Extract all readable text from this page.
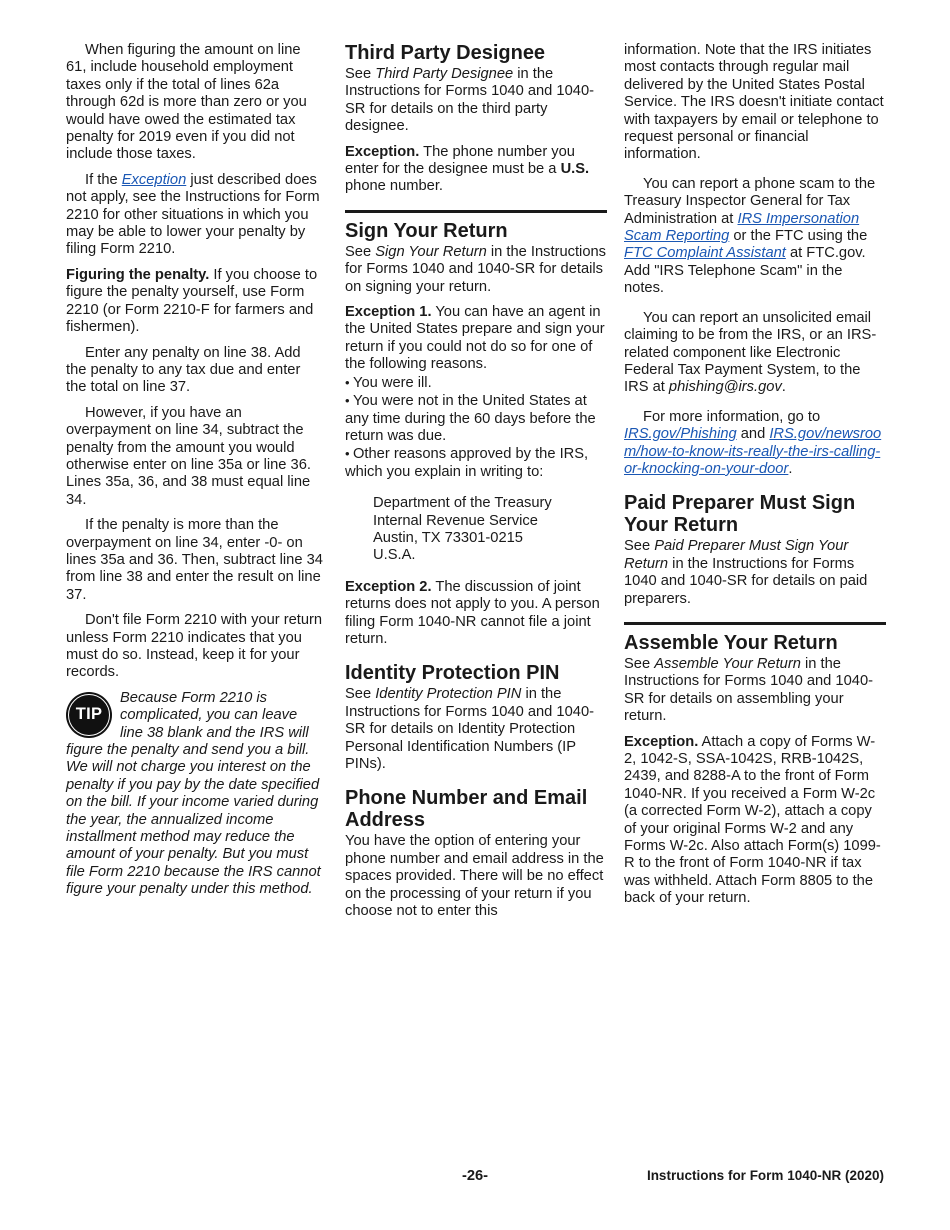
When figuring the amount on line 61, include household employment taxes only if the total of lines 62a through 62d is more than zero or you would have owed the estimated tax penalty for 2019 even if you did not include those taxes.

If the Exception just described does not apply, see the Instructions for Form 2210 for other situations in which you may be able to lower your penalty by filing Form 2210.

Figuring the penalty. If you choose to figure the penalty yourself, use Form 2210 (or Form 2210-F for farmers and fishermen).

Enter any penalty on line 38. Add the penalty to any tax due and enter the total on line 37.

However, if you have an overpayment on line 34, subtract the penalty from the amount you would otherwise enter on line 35a or line 36. Lines 35a, 36, and 38 must equal line 34.

If the penalty is more than the overpayment on line 34, enter -0- on lines 35a and 36. Then, subtract line 34 from line 38 and enter the result on line 37.

Don't file Form 2210 with your return unless Form 2210 indicates that you must do so. Instead, keep it for your records.

TIP
Because Form 2210 is complicated, you can leave line 38 blank and the IRS will figure the penalty and send you a bill. We will not charge you interest on the penalty if you pay by the date specified on the bill. If your income varied during the year, the annualized income installment method may reduce the amount of your penalty. But you must file Form 2210 because the IRS cannot figure your penalty under this method.
Third Party Designee

See Third Party Designee in the Instructions for Forms 1040 and 1040-SR for details on the third party designee.

Exception. The phone number you enter for the designee must be a U.S. phone number.

Sign Your Return

See Sign Your Return in the Instructions for Forms 1040 and 1040-SR for details on signing your return.

Exception 1. You can have an agent in the United States prepare and sign your return if you could not do so for one of the following reasons.

• You were ill.
• You were not in the United States at any time during the 60 days before the return was due.
• Other reasons approved by the IRS, which you explain in writing to:
Department of the Treasury
Internal Revenue Service
Austin, TX 73301-0215
U.S.A.

Exception 2. The discussion of joint returns does not apply to you. A person filing Form 1040-NR cannot file a joint return.

Identity Protection PIN

See Identity Protection PIN in the Instructions for Forms 1040 and 1040-SR for details on Identity Protection Personal Identification Numbers (IP PINs).

Phone Number and Email Address

You have the option of entering your phone number and email address in the spaces provided. There will be no effect on the processing of your return if you choose not to enter this

information. Note that the IRS initiates most contacts through regular mail delivered by the United States Postal Service. The IRS doesn't initiate contact with taxpayers by email or telephone to request personal or financial information.

You can report a phone scam to the Treasury Inspector General for Tax Administration at IRS Impersonation Scam Reporting or the FTC using the FTC Complaint Assistant at FTC.gov. Add "IRS Telephone Scam" in the notes.

You can report an unsolicited email claiming to be from the IRS, or an IRS-related component like Electronic Federal Tax Payment System, to the IRS at phishing@irs.gov.

For more information, go to IRS.gov/Phishing and IRS.gov/newsroom/how-to-know-its-really-the-irs-calling-or-knocking-on-your-door.

Paid Preparer Must Sign Your Return

See Paid Preparer Must Sign Your Return in the Instructions for Forms 1040 and 1040-SR for details on paid preparers.

Assemble Your Return

See Assemble Your Return in the Instructions for Forms 1040 and 1040-SR for details on assembling your return.

Exception. Attach a copy of Forms W-2, 1042-S, SSA-1042S, RRB-1042S, 2439, and 8288-A to the front of Form 1040-NR. If you received a Form W-2c (a corrected Form W-2), attach a copy of your original Forms W-2 and any Forms W-2c. Also attach Form(s) 1099-R to the front of Form 1040-NR if tax was withheld. Attach Form 8805 to the back of your return.

-26-	Instructions for Form 1040-NR (2020)
